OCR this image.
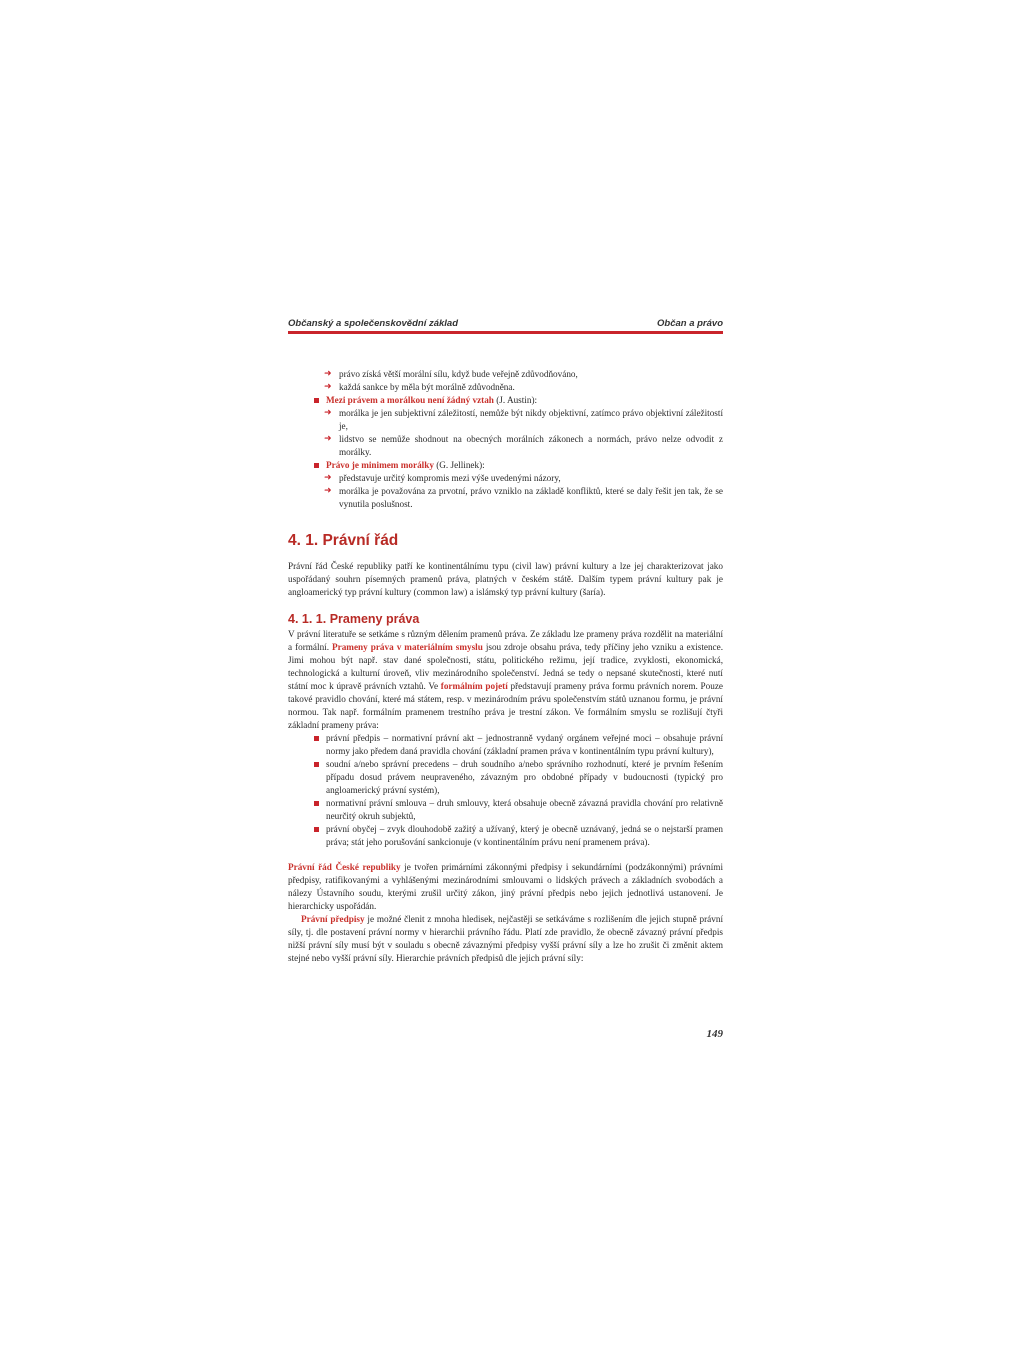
Občanský a společenskovědní základ	Občan a právo
➜ právo získá větší morální sílu, když bude veřejně zdůvodňováno,
➜ každá sankce by měla být morálně zdůvodněna.
Mezi právem a morálkou není žádný vztah (J. Austin):
➜ morálka je jen subjektivní záležitostí, nemůže být nikdy objektivní, zatímco právo objektivní záležitostí je,
➜ lidstvo se nemůže shodnout na obecných morálních zákonech a normách, právo nelze odvodit z morálky.
Právo je minimem morálky (G. Jellinek):
➜ představuje určitý kompromis mezi výše uvedenými názory,
➜ morálka je považována za prvotní, právo vzniklo na základě konfliktů, které se daly řešit jen tak, že se vynutila poslušnost.
4. 1. Právní řád

Právní řád České republiky patří ke kontinentálnímu typu (civil law) právní kultury a lze jej charakterizovat jako uspořádaný souhrn písemných pramenů práva, platných v českém státě. Dalším typem právní kultury pak je angloamerický typ právní kultury (common law) a islámský typ právní kultury (šaría).

4. 1. 1. Prameny práva

V právní literatuře se setkáme s různým dělením pramenů práva. Ze základu lze prameny práva rozdělit na materiální a formální. Prameny práva v materiálním smyslu jsou zdroje obsahu práva, tedy příčiny jeho vzniku a existence. Jimi mohou být např. stav dané společnosti, státu, politického režimu, její tradice, zvyklosti, ekonomická, technologická a kulturní úroveň, vliv mezinárodního společenství. Jedná se tedy o nepsané skutečnosti, které nutí státní moc k úpravě právních vztahů. Ve formálním pojetí představují prameny práva formu právních norem. Pouze takové pravidlo chování, které má státem, resp. v mezinárodním právu společenstvím států uznanou formu, je právní normou. Tak např. formálním pramenem trestního práva je trestní zákon. Ve formálním smyslu se rozlišují čtyři základní prameny práva:

právní předpis – normativní právní akt – jednostranně vydaný orgánem veřejné moci – obsahuje právní normy jako předem daná pravidla chování (základní pramen práva v kontinentálním typu právní kultury),
soudní a/nebo správní precedens – druh soudního a/nebo správního rozhodnutí, které je prvním řešením případu dosud právem neupraveného, závazným pro obdobné případy v budoucnosti (typický pro angloamerický právní systém),
normativní právní smlouva – druh smlouvy, která obsahuje obecně závazná pravidla chování pro relativně neurčitý okruh subjektů,
právní obyčej – zvyk dlouhodobě zažitý a užívaný, který je obecně uznávaný, jedná se o nejstarší pramen práva; stát jeho porušování sankcionuje (v kontinentálním právu není pramenem práva).

Právní řád České republiky je tvořen primárními zákonnými předpisy i sekundárními (podzákonnými) právními předpisy, ratifikovanými a vyhlášenými mezinárodními smlouvami o lidských právech a základních svobodách a nálezy Ústavního soudu, kterými zrušil určitý zákon, jiný právní předpis nebo jejich jednotlivá ustanovení. Je hierarchicky uspořádán.

Právní předpisy je možné členit z mnoha hledisek, nejčastěji se setkáváme s rozlišením dle jejich stupně právní síly, tj. dle postavení právní normy v hierarchii právního řádu. Platí zde pravidlo, že obecně závazný právní předpis nižší právní síly musí být v souladu s obecně závaznými předpisy vyšší právní síly a lze ho zrušit či změnit aktem stejné nebo vyšší právní síly. Hierarchie právních předpisů dle jejich právní síly:

149
